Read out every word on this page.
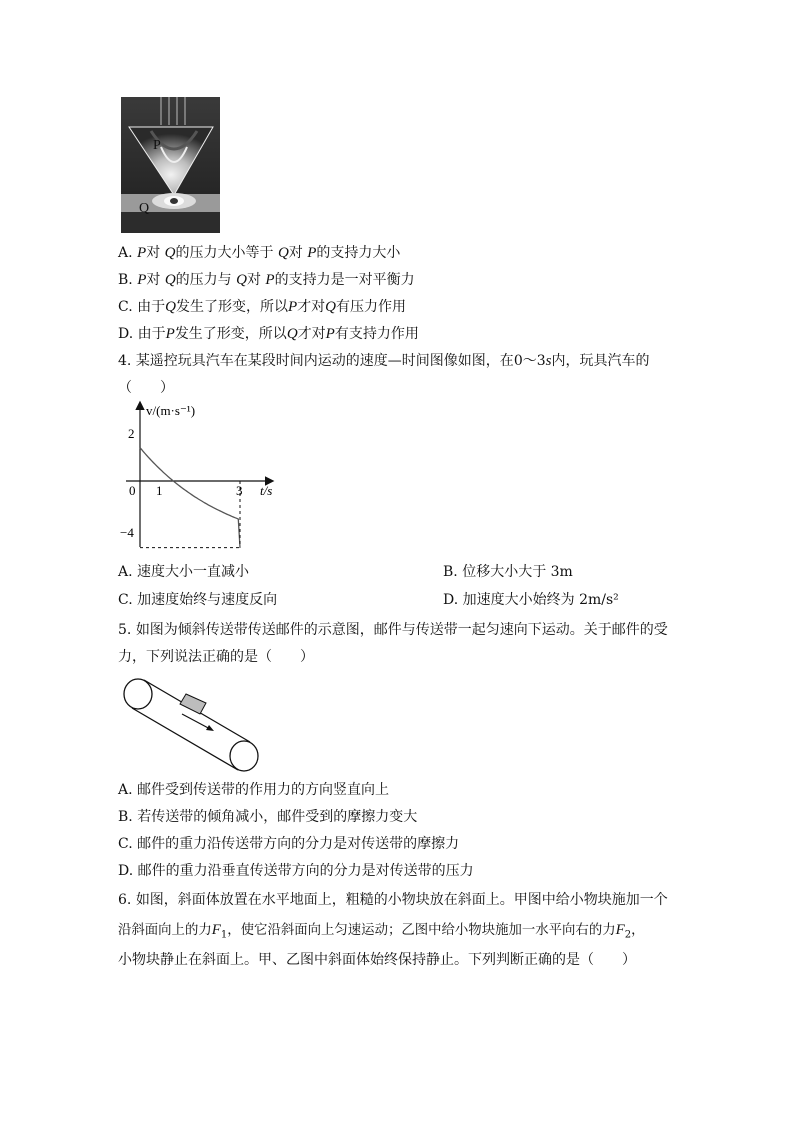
P
Q
A. P对 Q的压力大小等于 Q对 P的支持力大小
B. P对 Q的压力与 Q对 P的支持力是一对平衡力
C. 由于Q发生了形变，所以P才对Q有压力作用
D. 由于P发生了形变，所以Q才对P有支持力作用
4. 某遥控玩具汽车在某段时间内运动的速度—时间图像如图，在0～3s内，玩具汽车的
（　　）
v/(m·s⁻¹)
t/s
2
−4
0 1	3
A. 速度大小一直减小	B. 位移大小大于 3m
C. 加速度始终与速度反向	D. 加速度大小始终为 2m/s²
5. 如图为倾斜传送带传送邮件的示意图，邮件与传送带一起匀速向下运动。关于邮件的受
力，下列说法正确的是（　　）
A. 邮件受到传送带的作用力的方向竖直向上
B. 若传送带的倾角减小，邮件受到的摩擦力变大
C. 邮件的重力沿传送带方向的分力是对传送带的摩擦力
D. 邮件的重力沿垂直传送带方向的分力是对传送带的压力
6. 如图，斜面体放置在水平地面上，粗糙的小物块放在斜面上。甲图中给小物块施加一个
沿斜面向上的力$F_1$，使它沿斜面向上匀速运动；乙图中给小物块施加一水平向右的力$F_2$，
小物块静止在斜面上。甲、乙图中斜面体始终保持静止。下列判断正确的是（　　）
